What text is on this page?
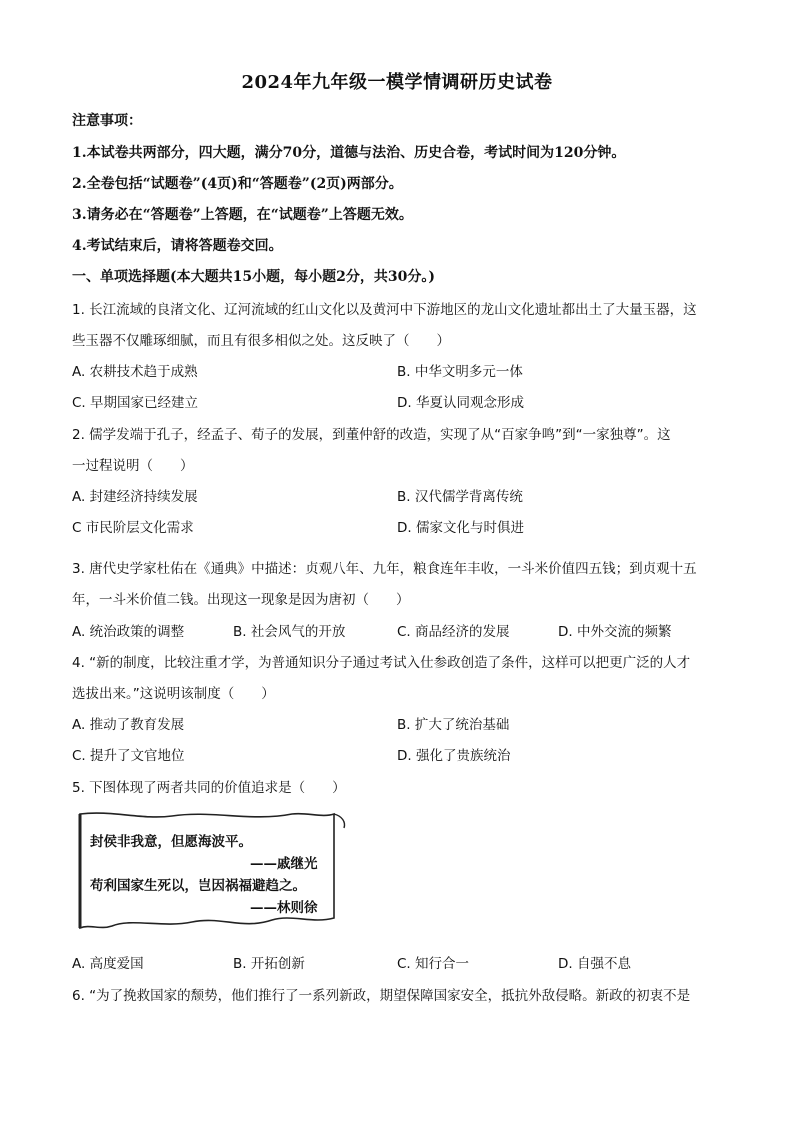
2024年九年级一模学情调研历史试卷
注意事项：
1.本试卷共两部分，四大题，满分70分，道德与法治、历史合卷，考试时间为120分钟。
2.全卷包括“试题卷”(4页)和“答题卷”(2页)两部分。
3.请务必在“答题卷”上答题，在“试题卷”上答题无效。
4.考试结束后，请将答题卷交回。
一、单项选择题(本大题共15小题，每小题2分，共30分。)
1. 长江流域的良渚文化、辽河流域的红山文化以及黄河中下游地区的龙山文化遗址都出土了大量玉器，这
些玉器不仅雕琢细腻，而且有很多相似之处。这反映了（　　）
A. 农耕技术趋于成熟	B. 中华文明多元一体
C. 早期国家已经建立	D. 华夏认同观念形成
2. 儒学发端于孔子，经孟子、荀子的发展，到董仲舒的改造，实现了从“百家争鸣”到“一家独尊”。这
一过程说明（　　）
A. 封建经济持续发展	B. 汉代儒学背离传统
C 市民阶层文化需求	D. 儒家文化与时俱进
3. 唐代史学家杜佑在《通典》中描述：贞观八年、九年，粮食连年丰收，一斗米价值四五钱；到贞观十五
年，一斗米价值二钱。出现这一现象是因为唐初（　　）
A. 统治政策的调整	B. 社会风气的开放	C. 商品经济的发展	D. 中外交流的频繁
4. “新的制度，比较注重才学，为普通知识分子通过考试入仕参政创造了条件，这样可以把更广泛的人才
选拔出来。”这说明该制度（　　）
A. 推动了教育发展	B. 扩大了统治基础
C. 提升了文官地位	D. 强化了贵族统治
5. 下图体现了两者共同的价值追求是（　　）
封侯非我意，但愿海波平。
——戚继光
苟利国家生死以，岂因祸福避趋之。
——林则徐
A. 高度爱国	B. 开拓创新	C. 知行合一	D. 自强不息
6. “为了挽救国家的颓势，他们推行了一系列新政，期望保障国家安全，抵抗外敌侵略。新政的初衷不是
